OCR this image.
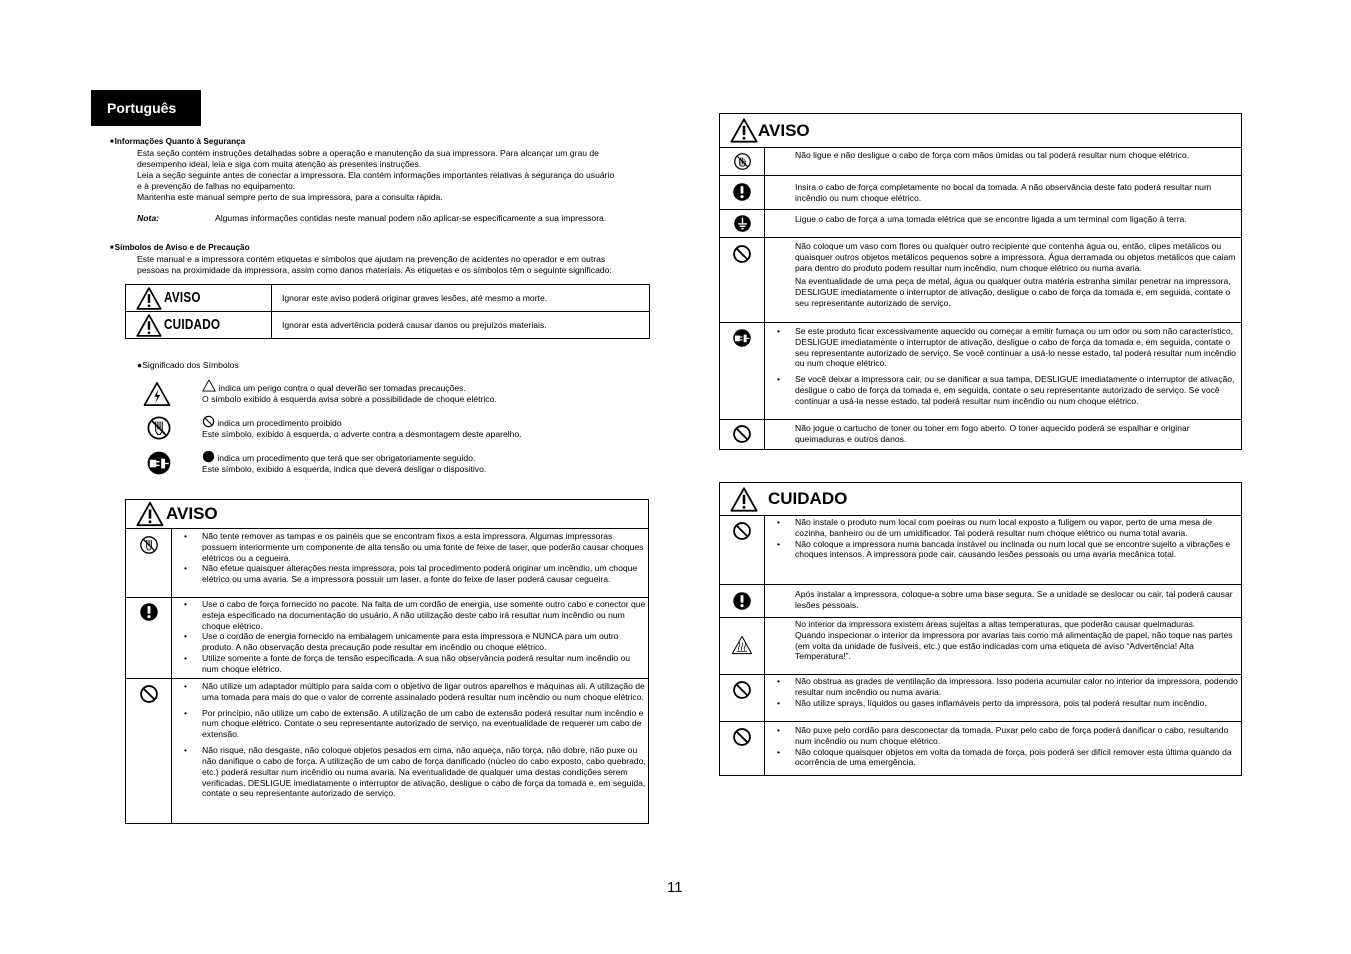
Português
■ Informações Quanto à Segurança
Esta seção contém instruções detalhadas sobre a operação e manutenção da sua impressora. Para alcançar um grau de
desempenho ideal, leia e siga com muita atenção as presentes instruções.
Leia a seção seguinte antes de conectar a impressora. Ela contém informações importantes relativas à segurança do usuário
e à prevenção de falhas no equipamento.
Mantenha este manual sempre perto de sua impressora, para a consulta rápida.
Nota:	Algumas informações contidas neste manual podem não aplicar-se especificamente a sua impressora.
■ Símbolos de Aviso e de Precaução
Este manual e a impressora contém etiquetas e símbolos que ajudam na prevenção de acidentes no operador e em outras
pessoas na proximidade da impressora, assim como danos materiais. As etiquetas e os símbolos têm o seguinte significado:
AVISO	Ignorar este aviso poderá originar graves lesões, até mesmo a morte.
CUIDADO	Ignorar esta advertência poderá causar danos ou prejuízos materiais.
●Significado dos Símbolos
indica um perigo contra o qual deverão ser tomadas precauções.
O símbolo exibido à esquerda avisa sobre a possibilidade de choque elétrico.
indica um procedimento proibido
Este símbolo, exibido à esquerda, o adverte contra a desmontagem deste aparelho.
indica um procedimento que terá que ser obrigatoriamente seguido.
Este símbolo, exibido à esquerda, indica que deverá desligar o dispositivo.
AVISO
• Não tente remover as tampas e os painéis que se encontram fixos a esta impressora. Algumas impressoras possuem interiormente um componente de alta tensão ou uma fonte de feixe de laser, que poderão causar choques elétricos ou a cegueira.
• Não efetue quaisquer alterações nesta impressora, pois tal procedimento poderá originar um incêndio, um choque elétrico ou uma avaria. Se a impressora possuir um laser, a fonte do feixe de laser poderá causar cegueira.
• Use o cabo de força fornecido no pacote. Na falta de um cordão de energia, use somente outro cabo e conector que esteja especificado na documentação do usuário. A não utilização deste cabo irá resultar num incêndio ou num choque elétrico.
• Use o cordão de energia fornecido na embalagem unicamente para esta impressora e NUNCA para um outro produto. A não observação desta precaução pode resultar em incêndio ou choque elétrico.
• Utilize somente a fonte de força de tensão especificada. A sua não observância poderá resultar num incêndio ou num choque elétrico.
• Não utilize um adaptador múltiplo para saída com o objetivo de ligar outros aparelhos e máquinas ali. A utilização de uma tomada para mais do que o valor de corrente assinalado poderá resultar num incêndio ou num choque elétrico.
• Por princípio, não utilize um cabo de extensão. A utilização de um cabo de extensão poderá resultar num incêndio e num choque elétrico. Contate o seu representante autorizado de serviço, na eventualidade de requerer um cabo de extensão.
• Não risque, não desgaste, não coloque objetos pesados em cima, não aqueça, não torça, não dobre, não puxe ou não danifique o cabo de força. A utilização de um cabo de força danificado (núcleo do cabo exposto, cabo quebrado, etc.) poderá resultar num incêndio ou numa avaria. Na eventualidade de qualquer uma destas condições serem verificadas, DESLIGUE imediatamente o interruptor de ativação, desligue o cabo de força da tomada e, em seguida, contate o seu representante autorizado de serviço.
AVISO

Não ligue e não desligue o cabo de força com mãos úmidas ou tal poderá resultar num choque elétrico.

Insira o cabo de força completamente no bocal da tomada. A não observância deste fato poderá resultar num incêndio ou num choque elétrico.

Ligue o cabo de força a uma tomada elétrica que se encontre ligada a um terminal com ligação à terra.

Não coloque um vaso com flores ou qualquer outro recipiente que contenha água ou, então, clipes metálicos ou quaisquer outros objetos metálicos pequenos sobre a impressora. Água derramada ou objetos metálicos que caiam para dentro do produto podem resultar num incêndio, num choque elétrico ou numa avaria.

Na eventualidade de uma peça de metal, água ou qualquer outra matéria estranha similar penetrar na impressora, DESLIGUE imediatamente o interruptor de ativação, desligue o cabo de força da tomada e, em seguida, contate o seu representante autorizado de serviço.

• Se este produto ficar excessivamente aquecido ou começar a emitir fumaça ou um odor ou som não característico, DESLIGUE imediatamente o interruptor de ativação, desligue o cabo de força da tomada e, em seguida, contate o seu representante autorizado de serviço. Se você continuar a usá-lo nesse estado, tal poderá resultar num incêndio ou num choque elétrico.
• Se você deixar a impressora cair, ou se danificar a sua tampa, DESLIGUE imediatamente o interruptor de ativação, desligue o cabo de força da tomada e, em seguida, contate o seu representante autorizado de serviço. Se você continuar a usá-la nesse estado, tal poderá resultar num incêndio ou num choque elétrico.

Não jogue o cartucho de toner ou toner em fogo aberto. O toner aquecido poderá se espalhar e originar queimaduras e outros danos.

CUIDADO
• Não instale o produto num local com poeiras ou num local exposto a fuligem ou vapor, perto de uma mesa de cozinha, banheiro ou de um umidificador. Tal poderá resultar num choque elétrico ou numa total avaria.
• Não coloque a impressora numa bancada instável ou inclinada ou num local que se encontre sujeito a vibrações e choques intensos. A impressora pode cair, causando lesões pessoais ou uma avaria mecânica total.

Após instalar a impressora, coloque-a sobre uma base segura. Se a unidade se deslocar ou cair, tal poderá causar lesões pessoais.

No interior da impressora existem áreas sujeitas a altas temperaturas, que poderão causar queimaduras.

Quando inspecionar o interior da impressora por avarias tais como má alimentação de papel, não toque nas partes (em volta da unidade de fusíveis, etc.) que estão indicadas com uma etiqueta de aviso “Advertência! Alta Temperatura!”.

• Não obstrua as grades de ventilação da impressora. Isso poderia acumular calor no interior da impressora, podendo resultar num incêndio ou numa avaria.
• Não utilize sprays, líquidos ou gases inflamáveis perto da impressora, pois tal poderá resultar num incêndio.
• Não puxe pelo cordão para desconectar da tomada. Puxar pelo cabo de força poderá danificar o cabo, resultando num incêndio ou num choque elétrico.
• Não coloque quaisquer objetos em volta da tomada de força, pois poderá ser difícil remover esta última quando da ocorrência de uma emergência.
11
